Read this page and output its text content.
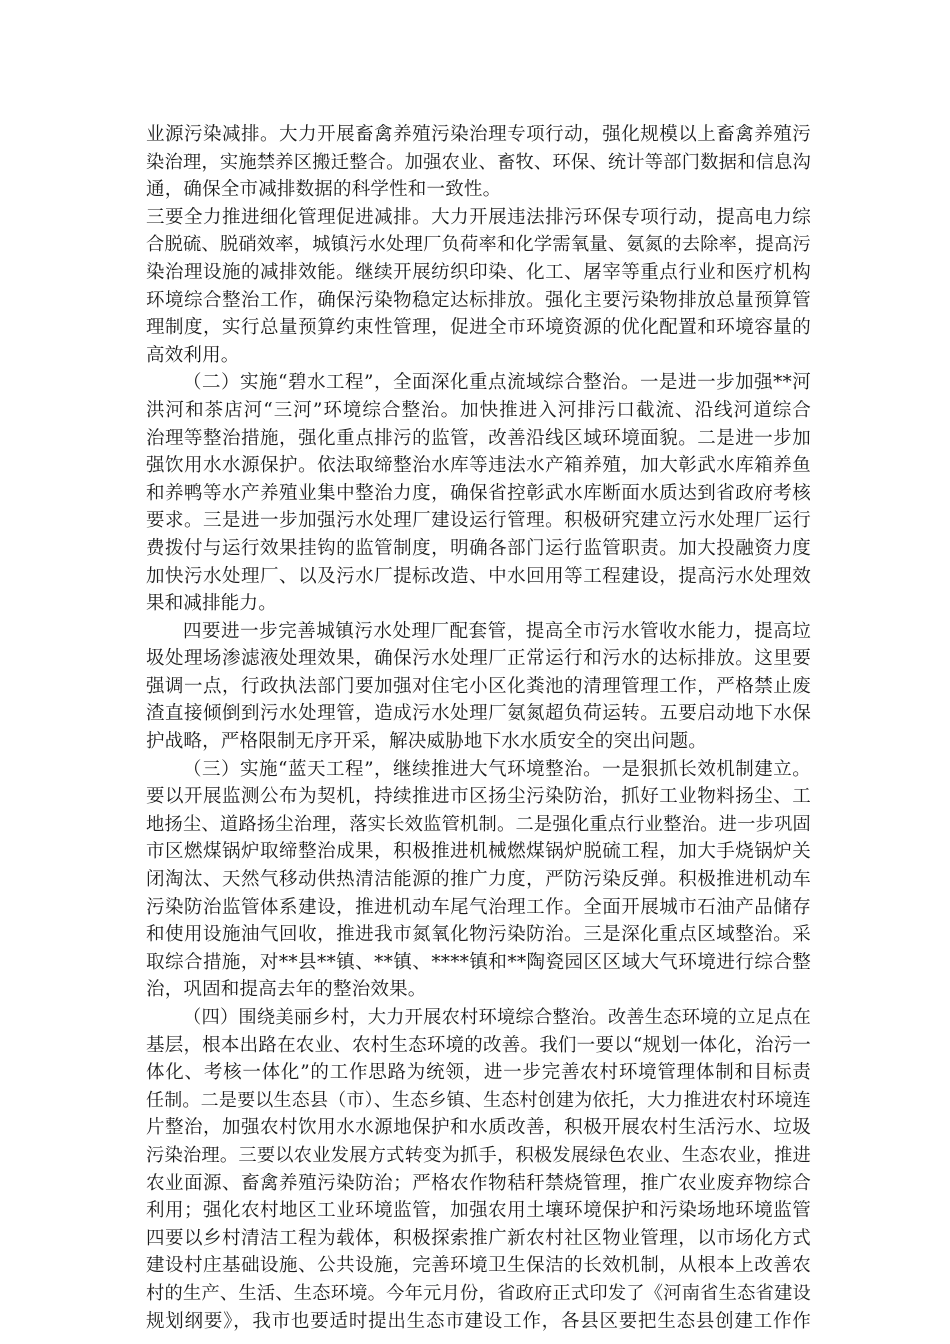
业源污染减排。大力开展畜禽养殖污染治理专项行动，强化规模以上畜禽养殖污
染治理，实施禁养区搬迁整合。加强农业、畜牧、环保、统计等部门数据和信息沟
通，确保全市减排数据的科学性和一致性。
三要全力推进细化管理促进减排。大力开展违法排污环保专项行动，提高电力综
合脱硫、脱硝效率，城镇污水处理厂负荷率和化学需氧量、氨氮的去除率，提高污
染治理设施的减排效能。继续开展纺织印染、化工、屠宰等重点行业和医疗机构
环境综合整治工作，确保污染物稳定达标排放。强化主要污染物排放总量预算管
理制度，实行总量预算约束性管理，促进全市环境资源的优化配置和环境容量的
高效利用。
（二）实施“碧水工程”，全面深化重点流域综合整治。一是进一步加强**河
洪河和茶店河“三河”环境综合整治。加快推进入河排污口截流、沿线河道综合
治理等整治措施，强化重点排污的监管，改善沿线区域环境面貌。二是进一步加
强饮用水水源保护。依法取缔整治水库等违法水产箱养殖，加大彰武水库箱养鱼
和养鸭等水产养殖业集中整治力度，确保省控彰武水库断面水质达到省政府考核
要求。三是进一步加强污水处理厂建设运行管理。积极研究建立污水处理厂运行
费拨付与运行效果挂钩的监管制度，明确各部门运行监管职责。加大投融资力度
加快污水处理厂、以及污水厂提标改造、中水回用等工程建设，提高污水处理效
果和减排能力。
四要进一步完善城镇污水处理厂配套管，提高全市污水管收水能力，提高垃
圾处理场渗滤液处理效果，确保污水处理厂正常运行和污水的达标排放。这里要
强调一点，行政执法部门要加强对住宅小区化粪池的清理管理工作，严格禁止废
渣直接倾倒到污水处理管，造成污水处理厂氨氮超负荷运转。五要启动地下水保
护战略，严格限制无序开采，解决威胁地下水水质安全的突出问题。
（三）实施“蓝天工程”，继续推进大气环境整治。一是狠抓长效机制建立。
要以开展监测公布为契机，持续推进市区扬尘污染防治，抓好工业物料扬尘、工
地扬尘、道路扬尘治理，落实长效监管机制。二是强化重点行业整治。进一步巩固
市区燃煤锅炉取缔整治成果，积极推进机械燃煤锅炉脱硫工程，加大手烧锅炉关
闭淘汰、天然气移动供热清洁能源的推广力度，严防污染反弹。积极推进机动车
污染防治监管体系建设，推进机动车尾气治理工作。全面开展城市石油产品储存
和使用设施油气回收，推进我市氮氧化物污染防治。三是深化重点区域整治。采
取综合措施，对**县**镇、**镇、****镇和**陶瓷园区区域大气环境进行综合整
治，巩固和提高去年的整治效果。
（四）围绕美丽乡村，大力开展农村环境综合整治。改善生态环境的立足点在
基层，根本出路在农业、农村生态环境的改善。我们一要以“规划一体化，治污一
体化、考核一体化”的工作思路为统领，进一步完善农村环境管理体制和目标责
任制。二是要以生态县（市）、生态乡镇、生态村创建为依托，大力推进农村环境连
片整治，加强农村饮用水水源地保护和水质改善，积极开展农村生活污水、垃圾
污染治理。三要以农业发展方式转变为抓手，积极发展绿色农业、生态农业，推进
农业面源、畜禽养殖污染防治；严格农作物秸秆禁烧管理，推广农业废弃物综合
利用；强化农村地区工业环境监管，加强农用土壤环境保护和污染场地环境监管
四要以乡村清洁工程为载体，积极探索推广新农村社区物业管理，以市场化方式
建设村庄基础设施、公共设施，完善环境卫生保洁的长效机制，从根本上改善农
村的生产、生活、生态环境。今年元月份，省政府正式印发了《河南省生态省建设
规划纲要》，我市也要适时提出生态市建设工作，各县区要把生态县创建工作作
